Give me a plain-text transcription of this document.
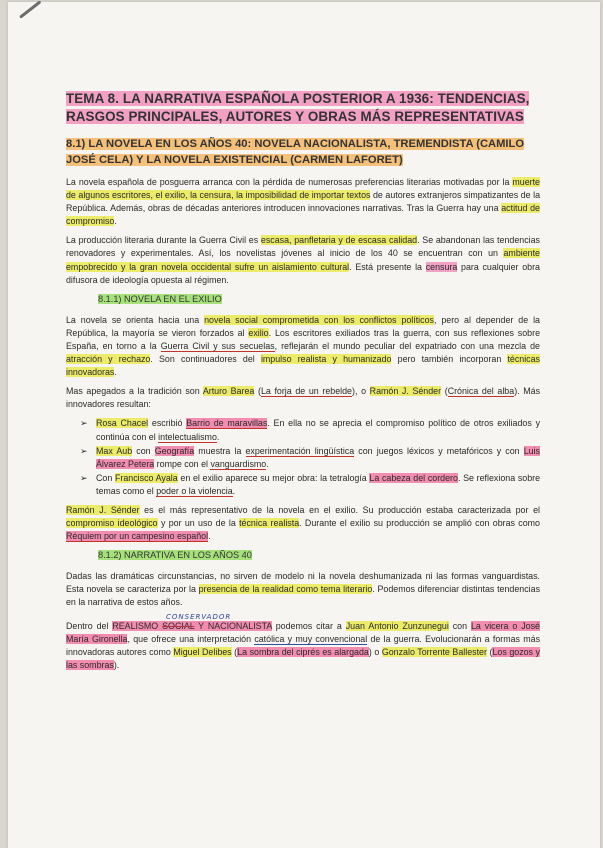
TEMA 8. LA NARRATIVA ESPAÑOLA POSTERIOR A 1936: TENDENCIAS, RASGOS PRINCIPALES, AUTORES Y OBRAS MÁS REPRESENTATIVAS
8.1) LA NOVELA EN LOS AÑOS 40: NOVELA NACIONALISTA, TREMENDISTA (CAMILO JOSÉ CELA) Y LA NOVELA EXISTENCIAL (CARMEN LAFORET)

La novela española de posguerra arranca con la pérdida de numerosas preferencias literarias motivadas por la muerte de algunos escritores, el exilio, la censura, la imposibilidad de importar textos de autores extranjeros simpatizantes de la República. Además, obras de décadas anteriores introducen innovaciones narrativas. Tras la Guerra hay una actitud de compromiso.

La producción literaria durante la Guerra Civil es escasa, panfletaria y de escasa calidad. Se abandonan las tendencias renovadores y experimentales. Así, los novelistas jóvenes al inicio de los 40 se encuentran con un ambiente empobrecido y la gran novela occidental sufre un aislamiento cultural. Está presente la censura para cualquier obra difusora de ideología opuesta al régimen.

8.1.1) NOVELA EN EL EXILIO

La novela se orienta hacia una novela social comprometida con los conflictos políticos, pero al depender de la República, la mayoría se vieron forzados al exilio. Los escritores exiliados tras la guerra, con sus reflexiones sobre España, en torno a la Guerra Civil y sus secuelas, reflejarán el mundo peculiar del expatriado con una mezcla de atracción y rechazo. Son continuadores del impulso realista y humanizado pero también incorporan técnicas innovadoras.

Mas apegados a la tradición son Arturo Barea (La forja de un rebelde), o Ramón J. Sénder (Crónica del alba). Más innovadores resultan:

➢ Rosa Chacel escribió Barrio de maravillas. En ella no se aprecia el compromiso político de otros exiliados y continúa con el intelectualismo.
➢ Max Aub con Geografía muestra la experimentación lingüística con juegos léxicos y metafóricos y con Luis Álvarez Petera rompe con el vanguardismo.
➢ Con Francisco Ayala en el exilio aparece su mejor obra: la tetralogía La cabeza del cordero. Se reflexiona sobre temas como el poder o la violencia.

Ramón J. Sénder es el más representativo de la novela en el exilio. Su producción estaba caracterizada por el compromiso ideológico y por un uso de la técnica realista. Durante el exilio su producción se amplió con obras como Réquiem por un campesino español.

8.1.2) NARRATIVA EN LOS AÑOS 40

Dadas las dramáticas circunstancias, no sirven de modelo ni la novela deshumanizada ni las formas vanguardistas. Esta novela se caracteriza por la presencia de la realidad como tema literario. Podemos diferenciar distintas tendencias en la narrativa de estos años.

CONSERVADOR
Dentro del REALISMO SOCIAL Y NACIONALISTA podemos citar a Juan Antonio Zunzunegui con La vicera o José María Gironella, que ofrece una interpretación católica y muy convencional de la guerra. Evolucionarán a formas más innovadoras autores como Miguel Delibes (La sombra del ciprés es alargada) o Gonzalo Torrente Ballester (Los gozos y las sombras).
